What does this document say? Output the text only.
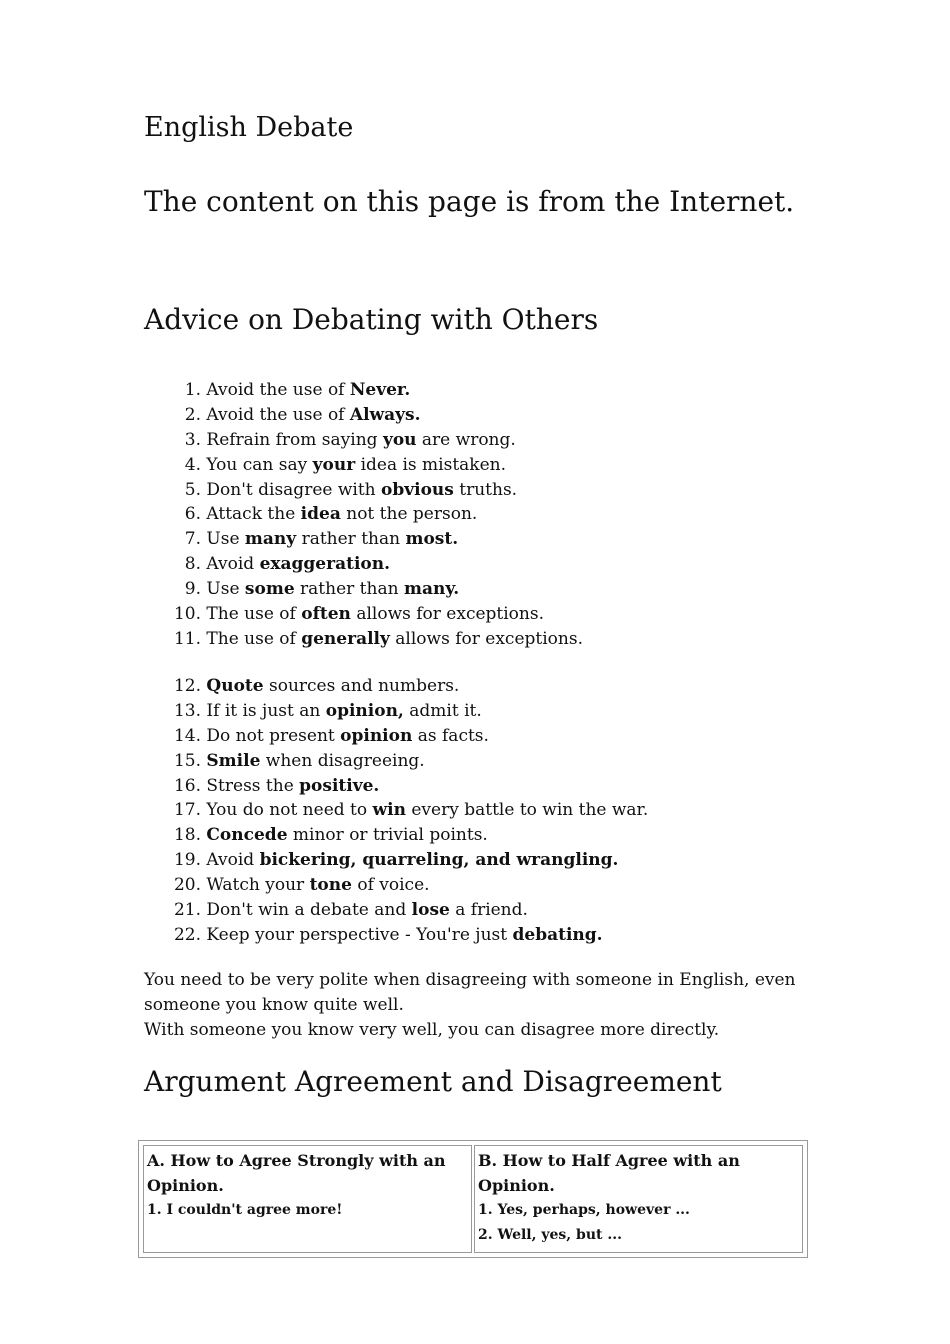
English Debate
The content on this page is from the Internet.
Advice on Debating with Others
1. Avoid the use of Never.
2. Avoid the use of Always.
3. Refrain from saying you are wrong.
4. You can say your idea is mistaken.
5. Don't disagree with obvious truths.
6. Attack the idea not the person.
7. Use many rather than most.
8. Avoid exaggeration.
9. Use some rather than many.
10. The use of often allows for exceptions.
11. The use of generally allows for exceptions.
12. Quote sources and numbers.
13. If it is just an opinion, admit it.
14. Do not present opinion as facts.
15. Smile when disagreeing.
16. Stress the positive.
17. You do not need to win every battle to win the war.
18. Concede minor or trivial points.
19. Avoid bickering, quarreling, and wrangling.
20. Watch your tone of voice.
21. Don't win a debate and lose a friend.
22. Keep your perspective - You're just debating.
You need to be very polite when disagreeing with someone in English, even someone you know quite well.
With someone you know very well, you can disagree more directly.
Argument Agreement and Disagreement
A. How to Agree Strongly with an Opinion.
1. I couldn't agree more!

B. How to Half Agree with an Opinion.
1. Yes, perhaps, however ...
2. Well, yes, but ...
